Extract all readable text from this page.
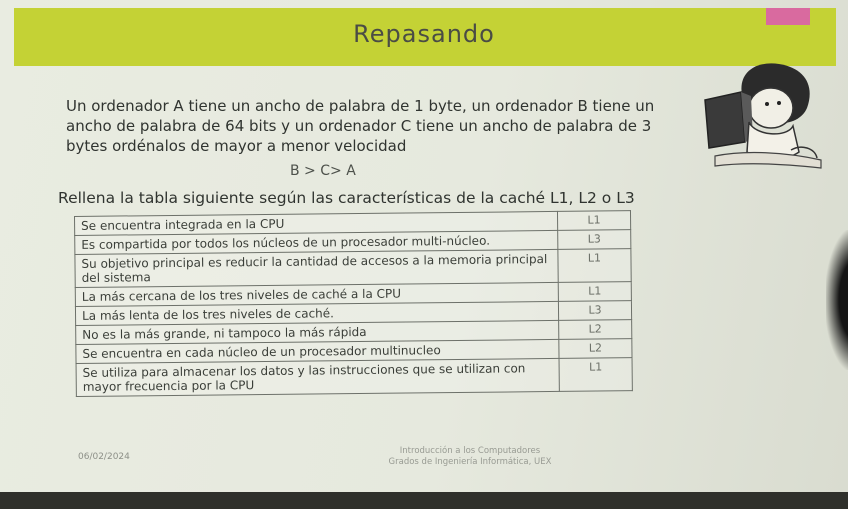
Repasando
Un ordenador A tiene un ancho de palabra de 1 byte, un ordenador B tiene un ancho de palabra de 64 bits y un ordenador C tiene un ancho de palabra de 3 bytes ordénalos de mayor a menor velocidad
B > C> A
Rellena la tabla siguiente según las características de la caché L1, L2 o L3
Se encuentra integrada en la CPU	L1
Es compartida por todos los núcleos de un procesador multi-núcleo.	L3
Su objetivo principal es reducir la cantidad de accesos a la memoria principal del sistema	L1
La más cercana de los tres niveles de caché a la CPU	L1
La más lenta de los tres niveles de caché.	L3
No es la más grande, ni tampoco la más rápida	L2
Se encuentra en cada núcleo de un procesador multinucleo	L2
Se utiliza para almacenar los datos y las instrucciones que se utilizan con mayor frecuencia por la CPU	L1
06/02/2024
Introducción a los Computadores
Grados de Ingeniería Informática, UEX
